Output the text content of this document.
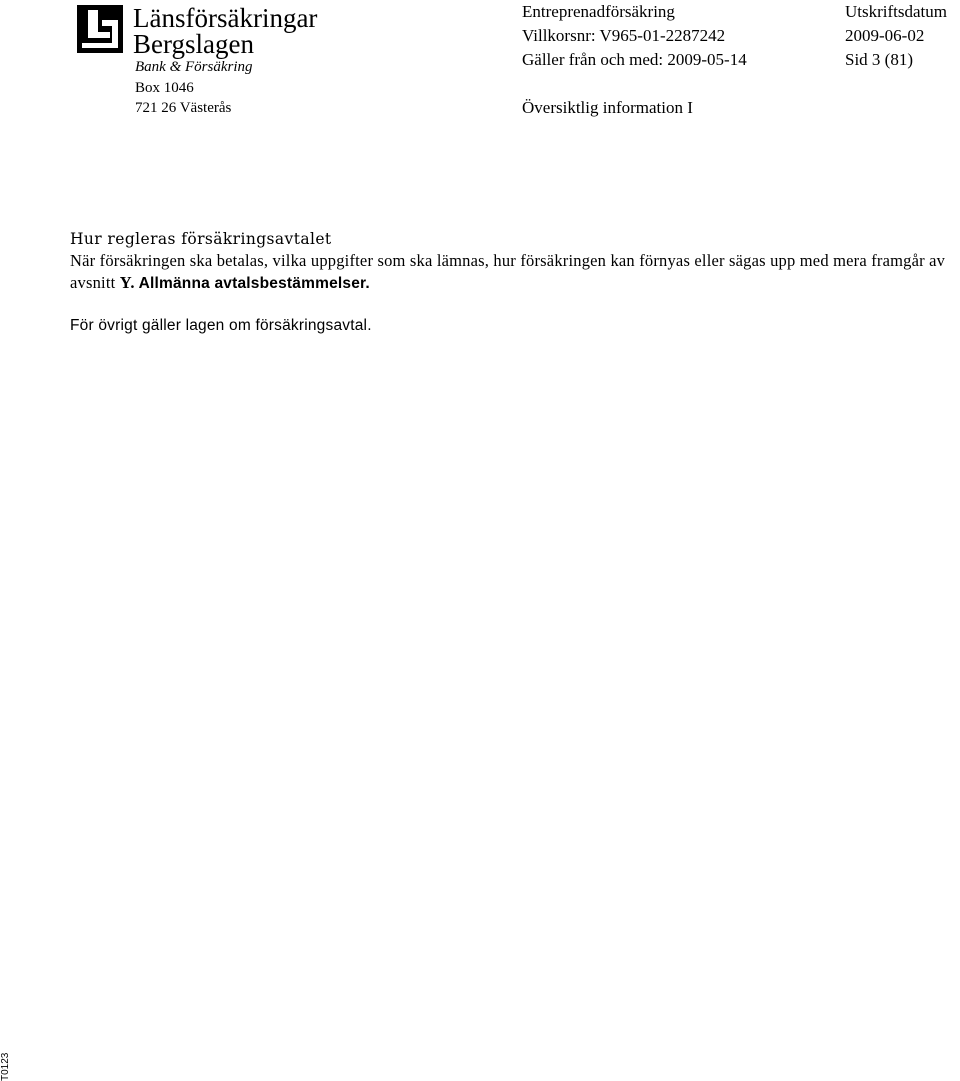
Länsförsäkringar
Bergslagen
Bank & Försäkring
Box 1046
721 26 Västerås
Entreprenadförsäkring
Villkorsnr: V965-01-2287242
Gäller från och med: 2009-05-14
Utskriftsdatum
2009-06-02
Sid 3 (81)
Översiktlig information I
Hur regleras försäkringsavtalet

När försäkringen ska betalas, vilka uppgifter som ska lämnas, hur försäkringen kan förnyas eller sägas upp med mera framgår av avsnitt Y. Allmänna avtalsbestämmelser.

För övrigt gäller lagen om försäkringsavtal.

T0123
